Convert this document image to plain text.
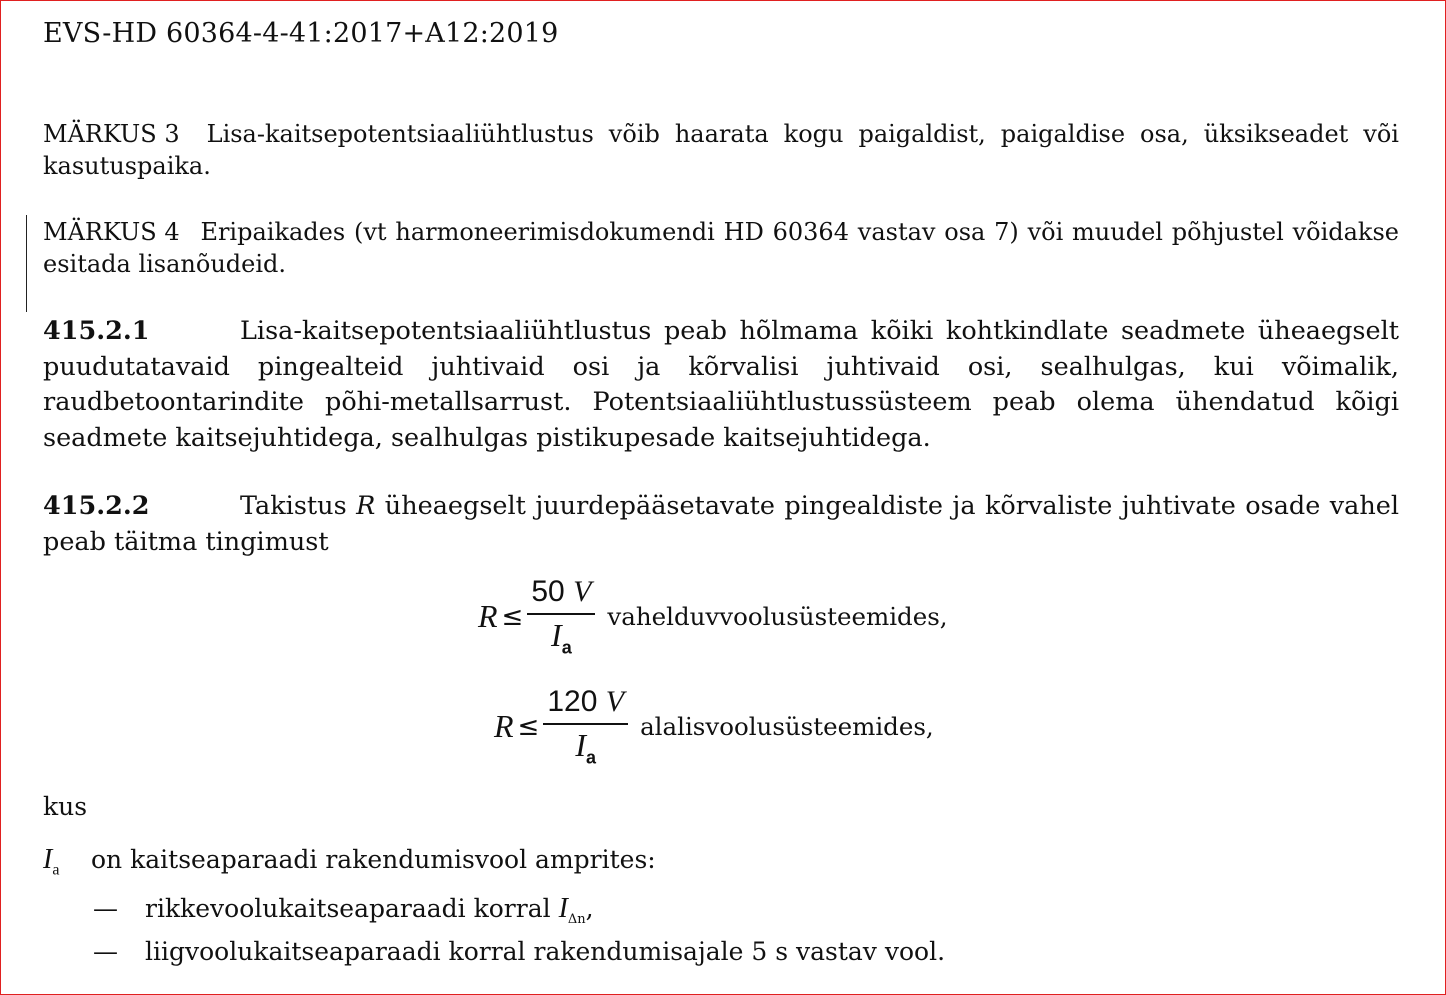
EVS-HD 60364-4-41:2017+A12:2019
MÄRKUS 3 Lisa-kaitsepotentsiaaliühtlustus võib haarata kogu paigaldist, paigaldise osa, üksikseadet või kasutuspaika.
MÄRKUS 4 Eripaikades (vt harmoneerimisdokumendi HD 60364 vastav osa 7) või muudel põhjustel võidakse esitada lisanõudeid.
415.2.1	Lisa-kaitsepotentsiaaliühtlustus peab hõlmama kõiki kohtkindlate seadmete üheaegselt puudutatavaid pingealteid juhtivaid osi ja kõrvalisi juhtivaid osi, sealhulgas, kui võimalik, raudbetoontarindite põhi-metallsarrust. Potentsiaaliühtlustussüsteem peab olema ühendatud kõigi seadmete kaitsejuhtidega, sealhulgas pistikupesade kaitsejuhtidega.
415.2.2	Takistus R üheaegselt juurdepääsetavate pingealdiste ja kõrvaliste juhtivate osade vahel peab täitma tingimust
$R \le \frac{50 V}{I_a}$ vahelduvvoolusüsteemides,
$R \le \frac{120 V}{I_a}$ alalisvoolusüsteemides,
kus
$I_a$ on kaitseaparaadi rakendumisvool amprites:
— rikkevoolukaitseaparaadi korral $I_{\Delta n}$,
— liigvoolukaitseaparaadi korral rakendumisajale 5 s vastav vool.
